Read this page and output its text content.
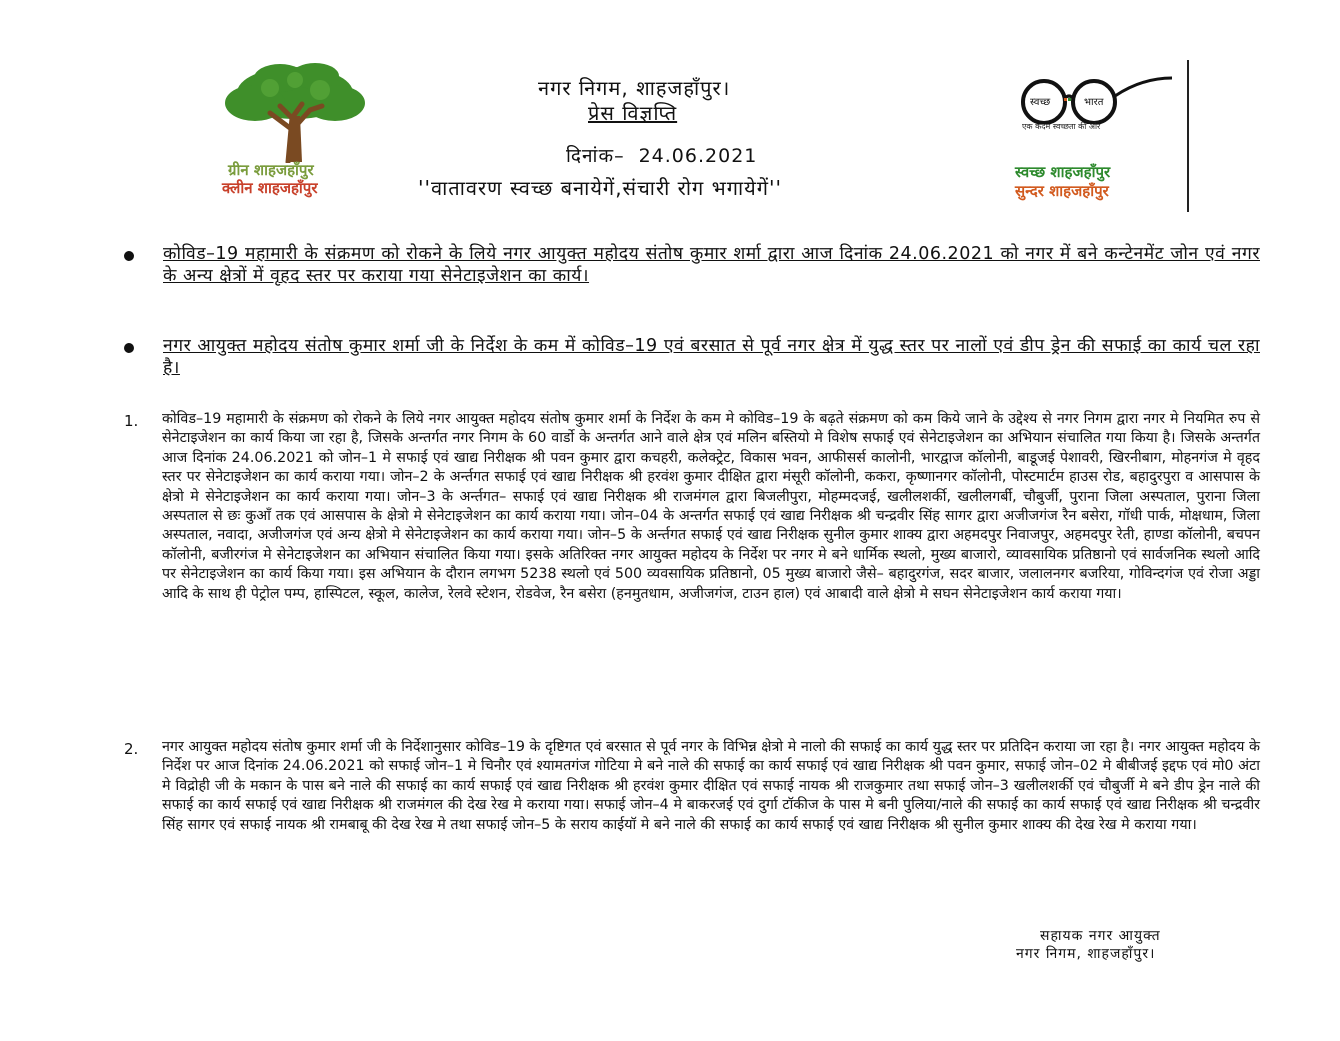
ग्रीन शाहजहाँपुर
क्लीन शाहजहाँपुर
नगर निगम, शाहजहाँपुर।
प्रेस विज्ञप्ति
दिनांक– 24.06.2021
''वातावरण स्वच्छ बनायेगें,संचारी रोग भगायेगें''
स्वच्छ	भारत
एक कदम स्वच्छता की ओर
स्वच्छ शाहजहाँपुर
सुन्दर शाहजहाँपुर
कोविड–19 महामारी के संक्रमण को रोकने के लिये नगर आयुक्त महोदय संतोष कुमार शर्मा द्वारा आज दिनांक 24.06.2021 को नगर में बने कन्टेनमेंट जोन एवं नगर के अन्य क्षेत्रों में वृहद स्तर पर कराया गया सेनेटाइजेशन का कार्य।
नगर आयुक्त महोदय संतोष कुमार शर्मा जी के निर्देश के कम में कोविड–19 एवं बरसात से पूर्व नगर क्षेत्र में युद्ध स्तर पर नालों एवं डीप ड्रेन की सफाई का कार्य चल रहा है।
1. कोविड–19 महामारी के संक्रमण को रोकने के लिये नगर आयुक्त महोदय संतोष कुमार शर्मा के निर्देश के कम मे कोविड–19 के बढ़ते संक्रमण को कम किये जाने के उद्देश्य से नगर निगम द्वारा नगर मे नियमित रुप से सेनेटाइजेशन का कार्य किया जा रहा है, जिसके अन्तर्गत नगर निगम के 60 वार्डो के अन्तर्गत आने वाले क्षेत्र एवं मलिन बस्तियो मे विशेष सफाई एवं सेनेटाइजेशन का अभियान संचालित गया किया है। जिसके अन्तर्गत आज दिनांक 24.06.2021 को जोन–1 मे सफाई एवं खाद्य निरीक्षक श्री पवन कुमार द्वारा कचहरी, कलेक्ट्रेट, विकास भवन, आफीसर्स कालोनी, भारद्वाज कॉलोनी, बाडूजई पेशावरी, खिरनीबाग, मोहनगंज मे वृहद स्तर पर सेनेटाइजेशन का कार्य कराया गया। जोन–2 के अर्न्तगत सफाई एवं खाद्य निरीक्षक श्री हरवंश कुमार दीक्षित द्वारा मंसूरी कॉलोनी, ककरा, कृष्णानगर कॉलोनी, पोस्टमार्टम हाउस रोड, बहादुरपुरा व आसपास के क्षेत्रो मे सेनेटाइजेशन का कार्य कराया गया। जोन–3 के अर्न्तगत– सफाई एवं खाद्य निरीक्षक श्री राजमंगल द्वारा बिजलीपुरा, मोहम्मदजई, खलीलशर्की, खलीलगर्बी, चौबुर्जी, पुराना जिला अस्पताल, पुराना जिला अस्पताल से छः कुआँ तक एवं आसपास के क्षेत्रो मे सेनेटाइजेशन का कार्य कराया गया। जोन–04 के अन्तर्गत सफाई एवं खाद्य निरीक्षक श्री चन्द्रवीर सिंह सागर द्वारा अजीजगंज रैन बसेरा, गॉधी पार्क, मोक्षधाम, जिला अस्पताल, नवादा, अजीजगंज एवं अन्य क्षेत्रो मे सेनेटाइजेशन का कार्य कराया गया। जोन–5 के अर्न्तगत सफाई एवं खाद्य निरीक्षक सुनील कुमार शाक्य द्वारा अहमदपुर निवाजपुर, अहमदपुर रेती, हाण्डा कॉलोनी, बचपन कॉलोनी, बजीरगंज मे सेनेटाइजेशन का अभियान संचालित किया गया। इसके अतिरिक्त नगर आयुक्त महोदय के निर्देश पर नगर मे बने धार्मिक स्थलो, मुख्य बाजारो, व्यावसायिक प्रतिष्ठानो एवं सार्वजनिक स्थलो आदि पर सेनेटाइजेशन का कार्य किया गया। इस अभियान के दौरान लगभग 5238 स्थलो एवं 500 व्यवसायिक प्रतिष्ठानो, 05 मुख्य बाजारो जैसे– बहादुरगंज, सदर बाजार, जलालनगर बजरिया, गोविन्दगंज एवं रोजा अड्डा आदि के साथ ही पेट्रोल पम्प, हास्पिटल, स्कूल, कालेज, रेलवे स्टेशन, रोडवेज, रैन बसेरा (हनमुतधाम, अजीजगंज, टाउन हाल) एवं आबादी वाले क्षेत्रो मे सघन सेनेटाइजेशन कार्य कराया गया।
2. नगर आयुक्त महोदय संतोष कुमार शर्मा जी के निर्देशानुसार कोविड–19 के दृष्टिगत एवं बरसात से पूर्व नगर के विभिन्न क्षेत्रो मे नालो की सफाई का कार्य युद्ध स्तर पर प्रतिदिन कराया जा रहा है। नगर आयुक्त महोदय के निर्देश पर आज दिनांक 24.06.2021 को सफाई जोन–1 मे चिनौर एवं श्यामतगंज गोटिया मे बने नाले की सफाई का कार्य सफाई एवं खाद्य निरीक्षक श्री पवन कुमार, सफाई जोन–02 मे बीबीजई इद्दफ एवं मो0 अंटा मे विद्रोही जी के मकान के पास बने नाले की सफाई का कार्य सफाई एवं खाद्य निरीक्षक श्री हरवंश कुमार दीक्षित एवं सफाई नायक श्री राजकुमार तथा सफाई जोन–3 खलीलशर्की एवं चौबुर्जी मे बने डीप ड्रेन नाले की सफाई का कार्य सफाई एवं खाद्य निरीक्षक श्री राजमंगल की देख रेख मे कराया गया। सफाई जोन–4 मे बाकरजई एवं दुर्गा टॉकीज के पास मे बनी पुलिया/नाले की सफाई का कार्य सफाई एवं खाद्य निरीक्षक श्री चन्द्रवीर सिंह सागर एवं सफाई नायक श्री रामबाबू की देख रेख मे तथा सफाई जोन–5 के सराय काईयॉ मे बने नाले की सफाई का कार्य सफाई एवं खाद्य निरीक्षक श्री सुनील कुमार शाक्य की देख रेख मे कराया गया।
सहायक नगर आयुक्त
नगर निगम, शाहजहाँपुर।
